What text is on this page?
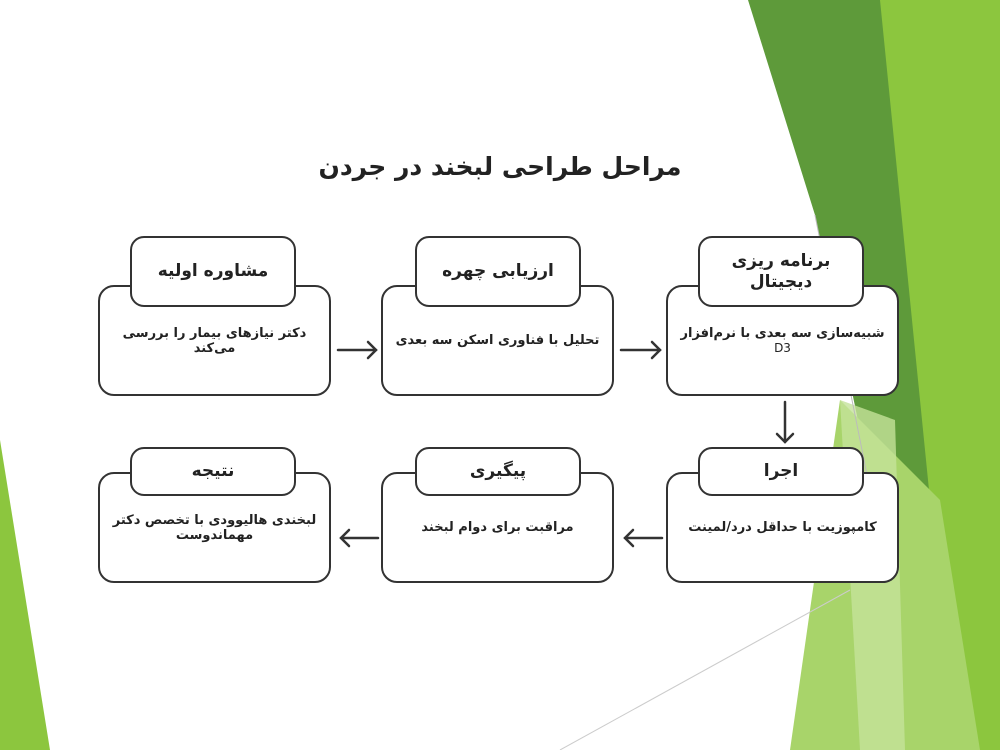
مراحل طراحی لبخند در جردن
دکتر نیازهای بیمار را بررسی می‌کند
مشاوره اولیه
تحلیل با فناوری اسکن سه بعدی
ارزیابی چهره
شبیه‌سازی سه بعدی با نرم‌افزار
D3
برنامه ریزی دیجیتال
لبخندی هالیوودی با تخصص دکتر مهماندوست
نتیجه
مراقبت برای دوام لبخند
پیگیری
کامپوزیت با حداقل درد/لمینت
اجرا
